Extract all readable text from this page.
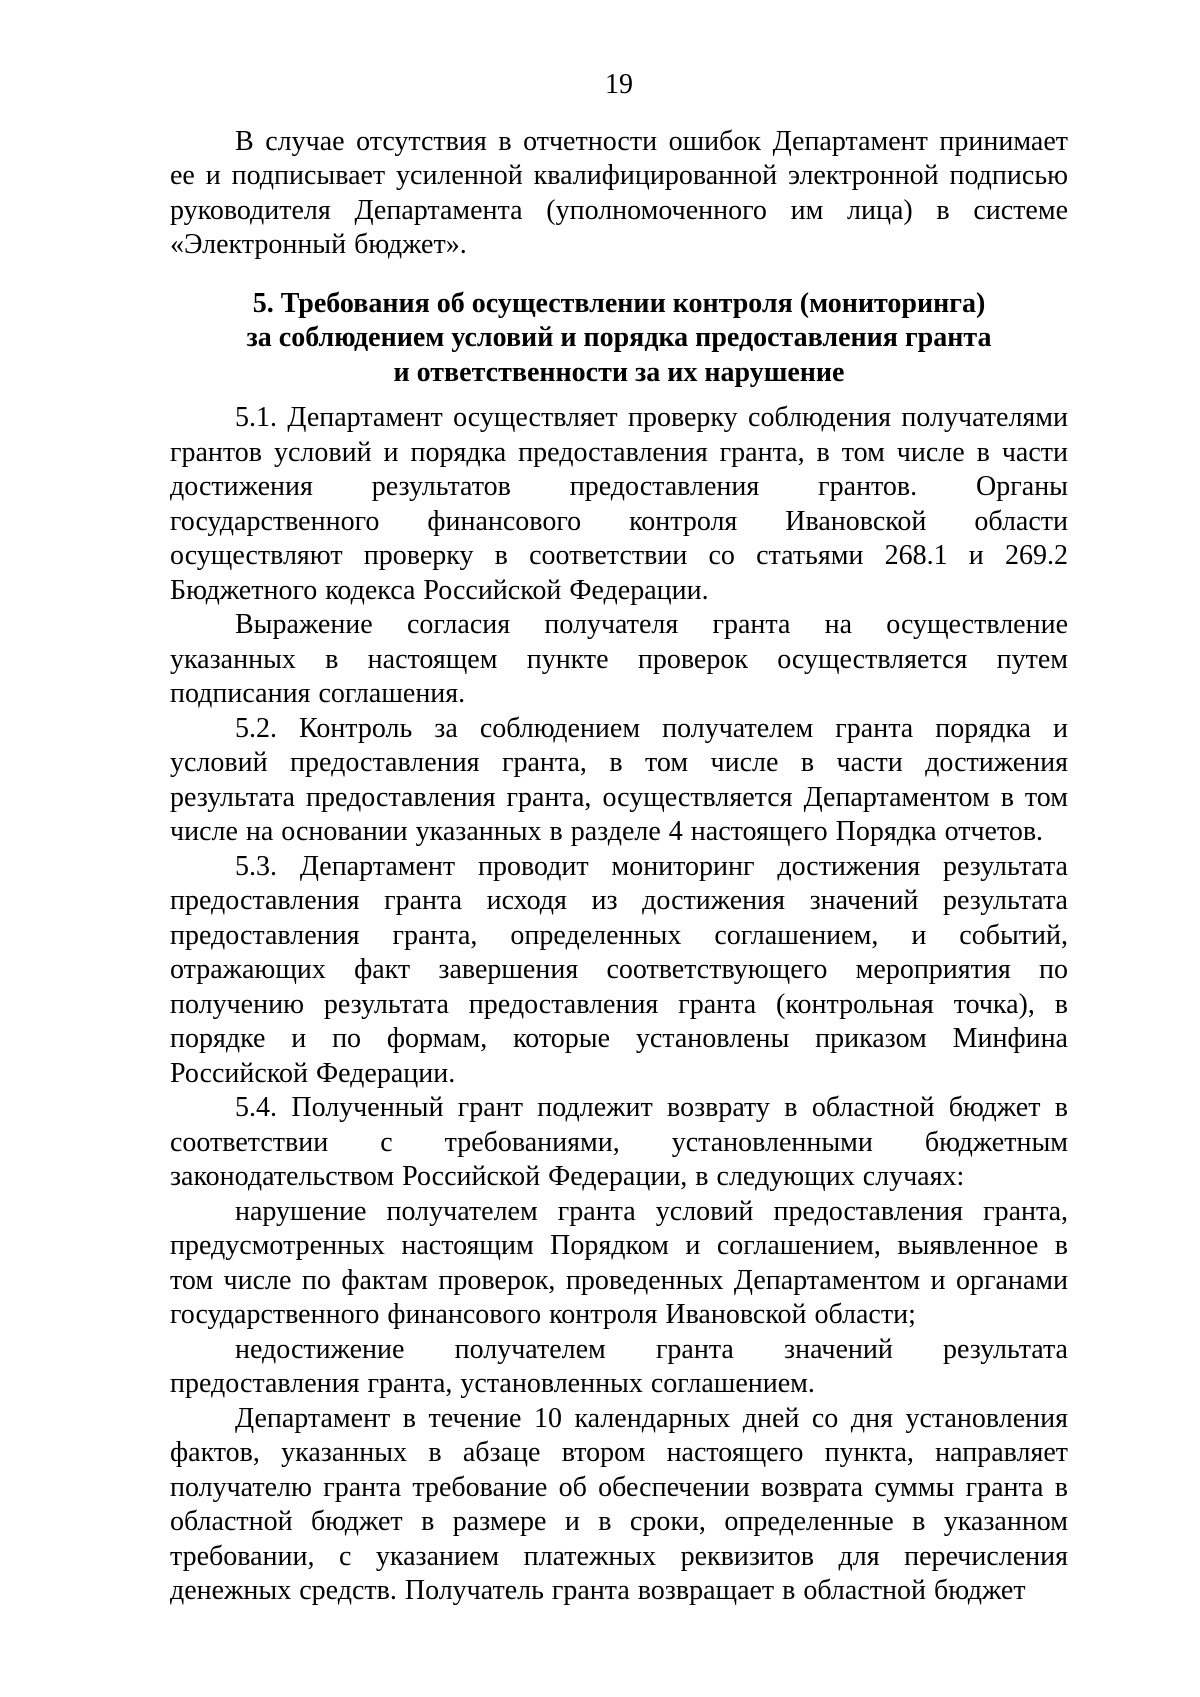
19

В случае отсутствия в отчетности ошибок Департамент принимает ее и подписывает усиленной квалифицированной электронной подписью руководителя Департамента (уполномоченного им лица) в системе «Электронный бюджет».

5. Требования об осуществлении контроля (мониторинга)
за соблюдением условий и порядка предоставления гранта
и ответственности за их нарушение

5.1. Департамент осуществляет проверку соблюдения получателями грантов условий и порядка предоставления гранта, в том числе в части достижения результатов предоставления грантов. Органы государственного финансового контроля Ивановской области осуществляют проверку в соответствии со статьями 268.1 и 269.2 Бюджетного кодекса Российской Федерации.

Выражение согласия получателя гранта на осуществление указанных в настоящем пункте проверок осуществляется путем подписания соглашения.

5.2. Контроль за соблюдением получателем гранта порядка и условий предоставления гранта, в том числе в части достижения результата предоставления гранта, осуществляется Департаментом в том числе на основании указанных в разделе 4 настоящего Порядка отчетов.

5.3. Департамент проводит мониторинг достижения результата предоставления гранта исходя из достижения значений результата предоставления гранта, определенных соглашением, и событий, отражающих факт завершения соответствующего мероприятия по получению результата предоставления гранта (контрольная точка), в порядке и по формам, которые установлены приказом Минфина Российской Федерации.

5.4. Полученный грант подлежит возврату в областной бюджет в соответствии с требованиями, установленными бюджетным законодательством Российской Федерации, в следующих случаях:

нарушение получателем гранта условий предоставления гранта, предусмотренных настоящим Порядком и соглашением, выявленное в том числе по фактам проверок, проведенных Департаментом и органами государственного финансового контроля Ивановской области;

недостижение получателем гранта значений результата предоставления гранта, установленных соглашением.

Департамент в течение 10 календарных дней со дня установления фактов, указанных в абзаце втором настоящего пункта, направляет получателю гранта требование об обеспечении возврата суммы гранта в областной бюджет в размере и в сроки, определенные в указанном требовании, с указанием платежных реквизитов для перечисления денежных средств. Получатель гранта возвращает в областной бюджет
